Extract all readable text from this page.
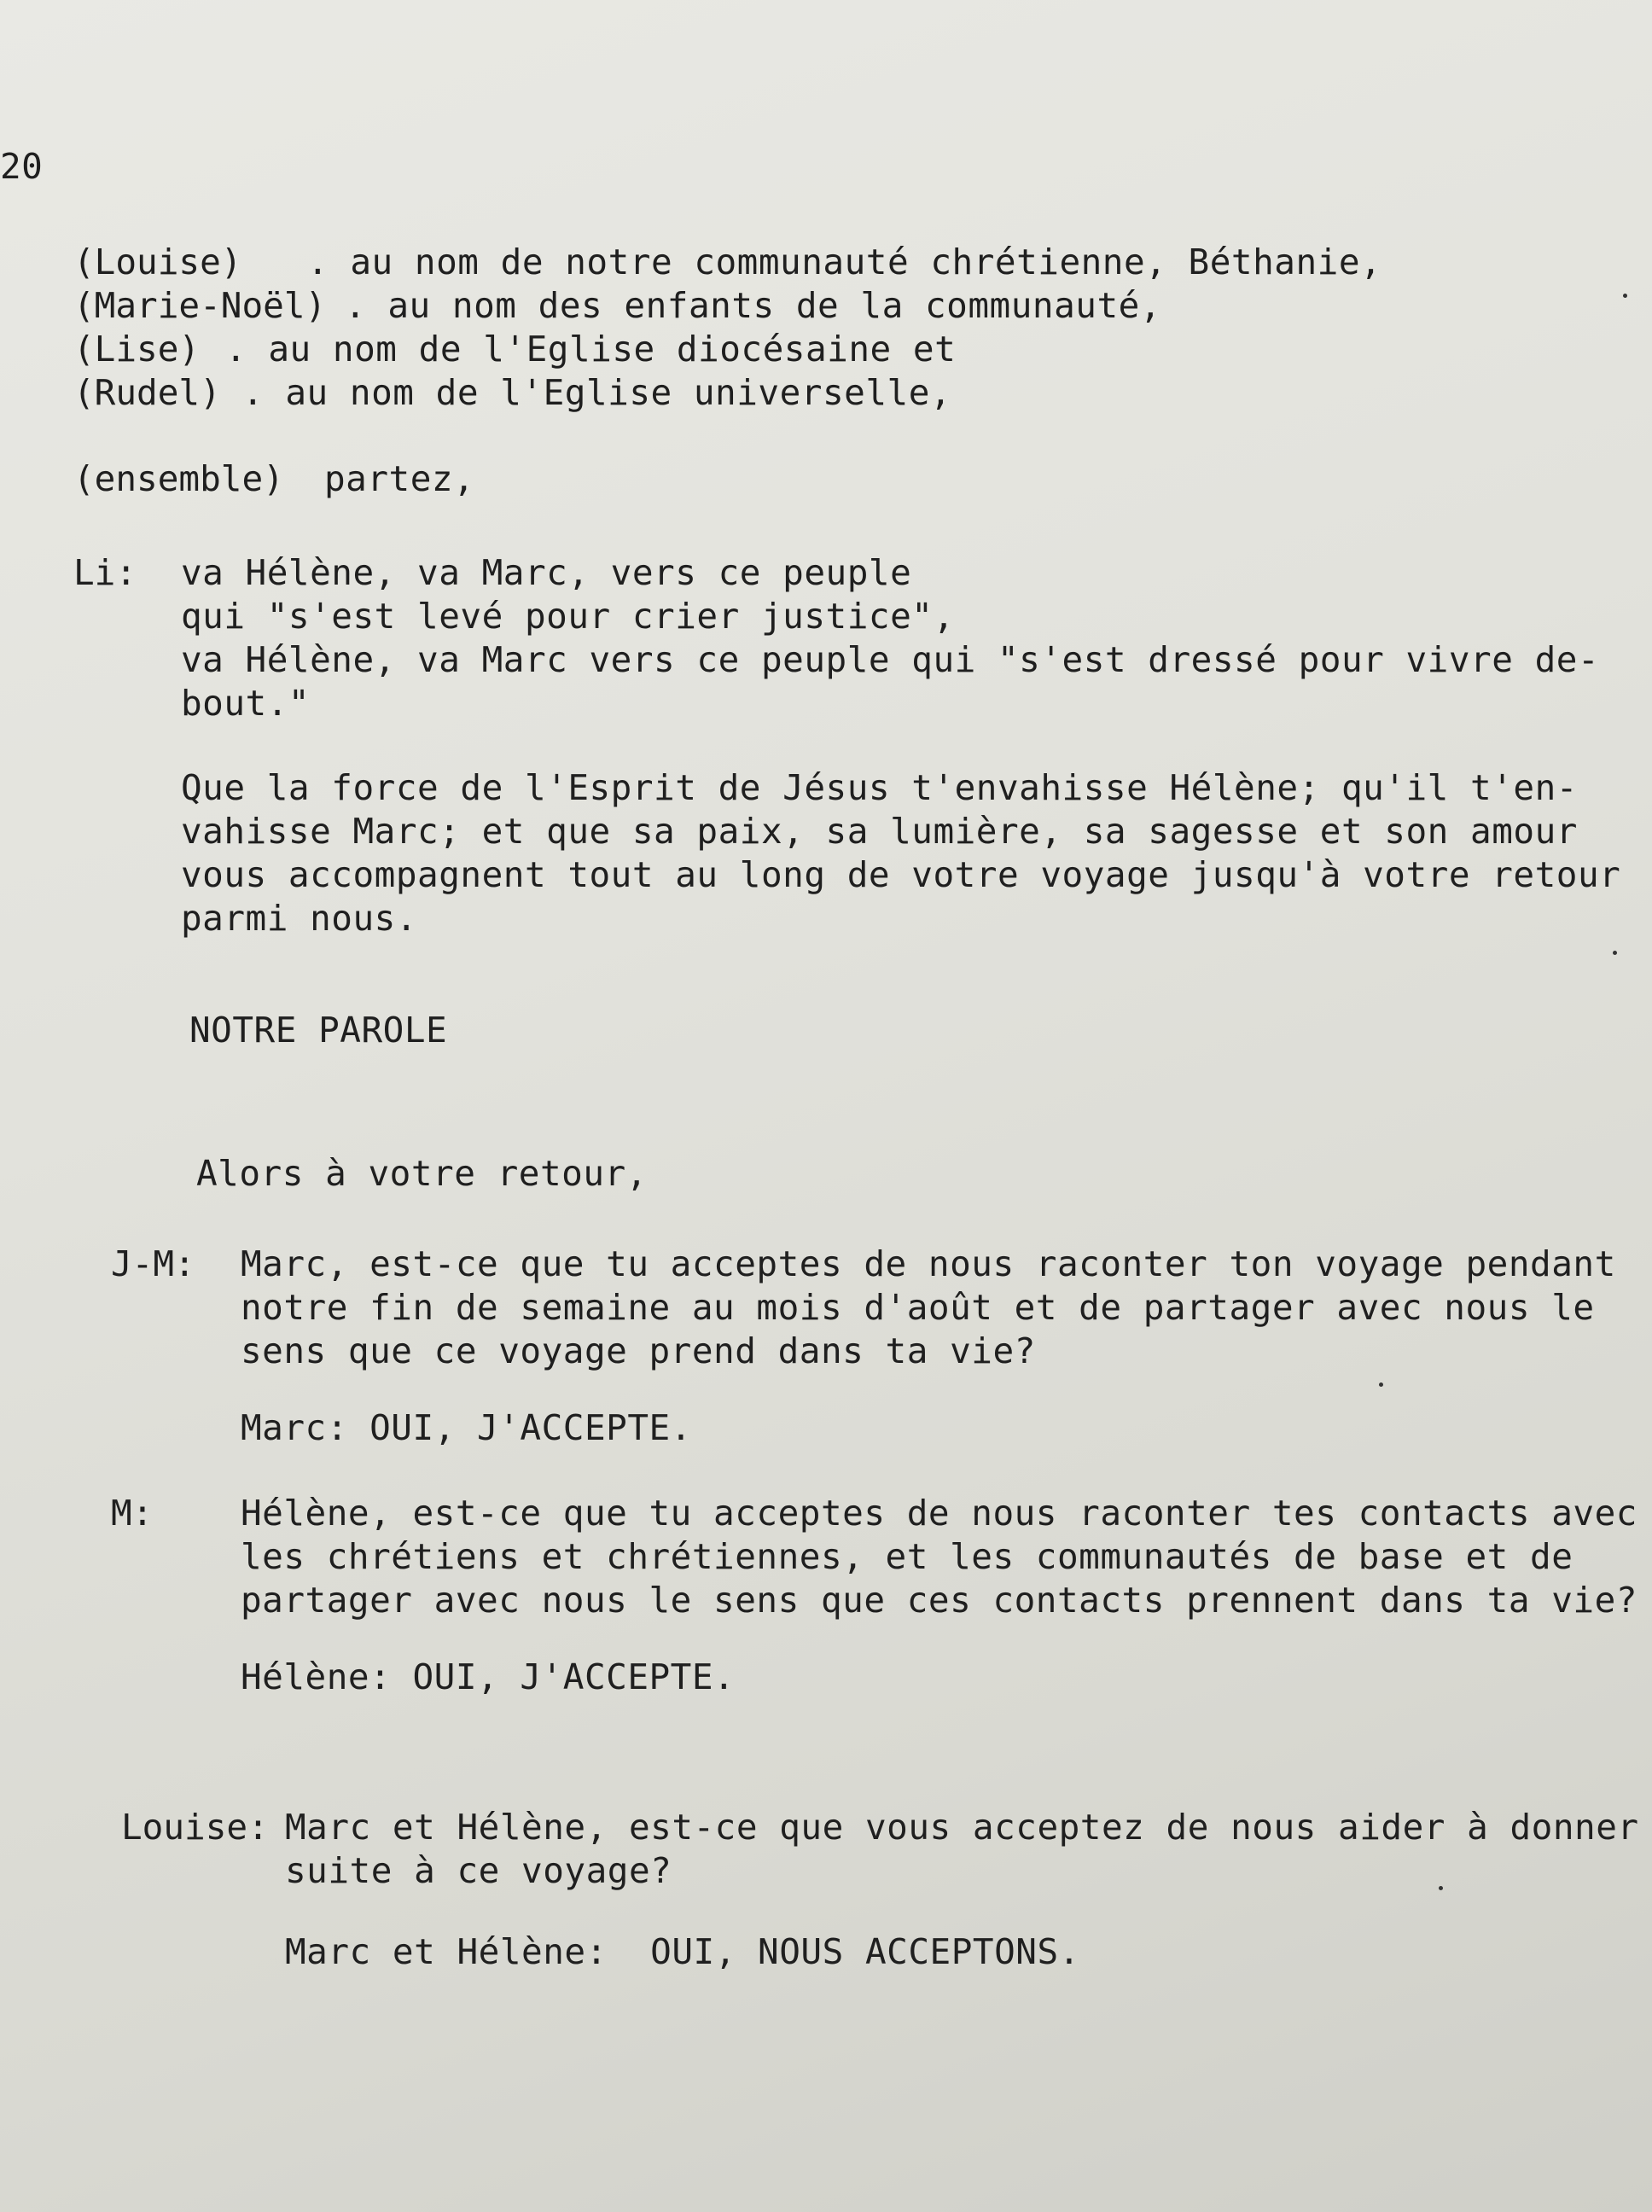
20
(Louise) . au nom de notre communauté chrétienne, Béthanie,
(Marie-Noël) . au nom des enfants de la communauté,
(Lise) . au nom de l'Eglise diocésaine et
(Rudel) . au nom de l'Eglise universelle,
(ensemble) partez,
Li: va Hélène, va Marc, vers ce peuple
qui "s'est levé pour crier justice",
va Hélène, va Marc vers ce peuple qui "s'est dressé pour vivre de-
bout."
Que la force de l'Esprit de Jésus t'envahisse Hélène; qu'il t'en-
vahisse Marc; et que sa paix, sa lumière, sa sagesse et son amour
vous accompagnent tout au long de votre voyage jusqu'à votre retour
parmi nous.
NOTRE PAROLE
Alors à votre retour,
J-M: Marc, est-ce que tu acceptes de nous raconter ton voyage pendant
notre fin de semaine au mois d'août et de partager avec nous le
sens que ce voyage prend dans ta vie?
Marc: OUI, J'ACCEPTE.
M:	Hélène, est-ce que tu acceptes de nous raconter tes contacts avec
les chrétiens et chrétiennes, et les communautés de base et de
partager avec nous le sens que ces contacts prennent dans ta vie?
Hélène: OUI, J'ACCEPTE.
Louise: Marc et Hélène, est-ce que vous acceptez de nous aider à donner
suite à ce voyage?
Marc et Hélène:  OUI, NOUS ACCEPTONS.
